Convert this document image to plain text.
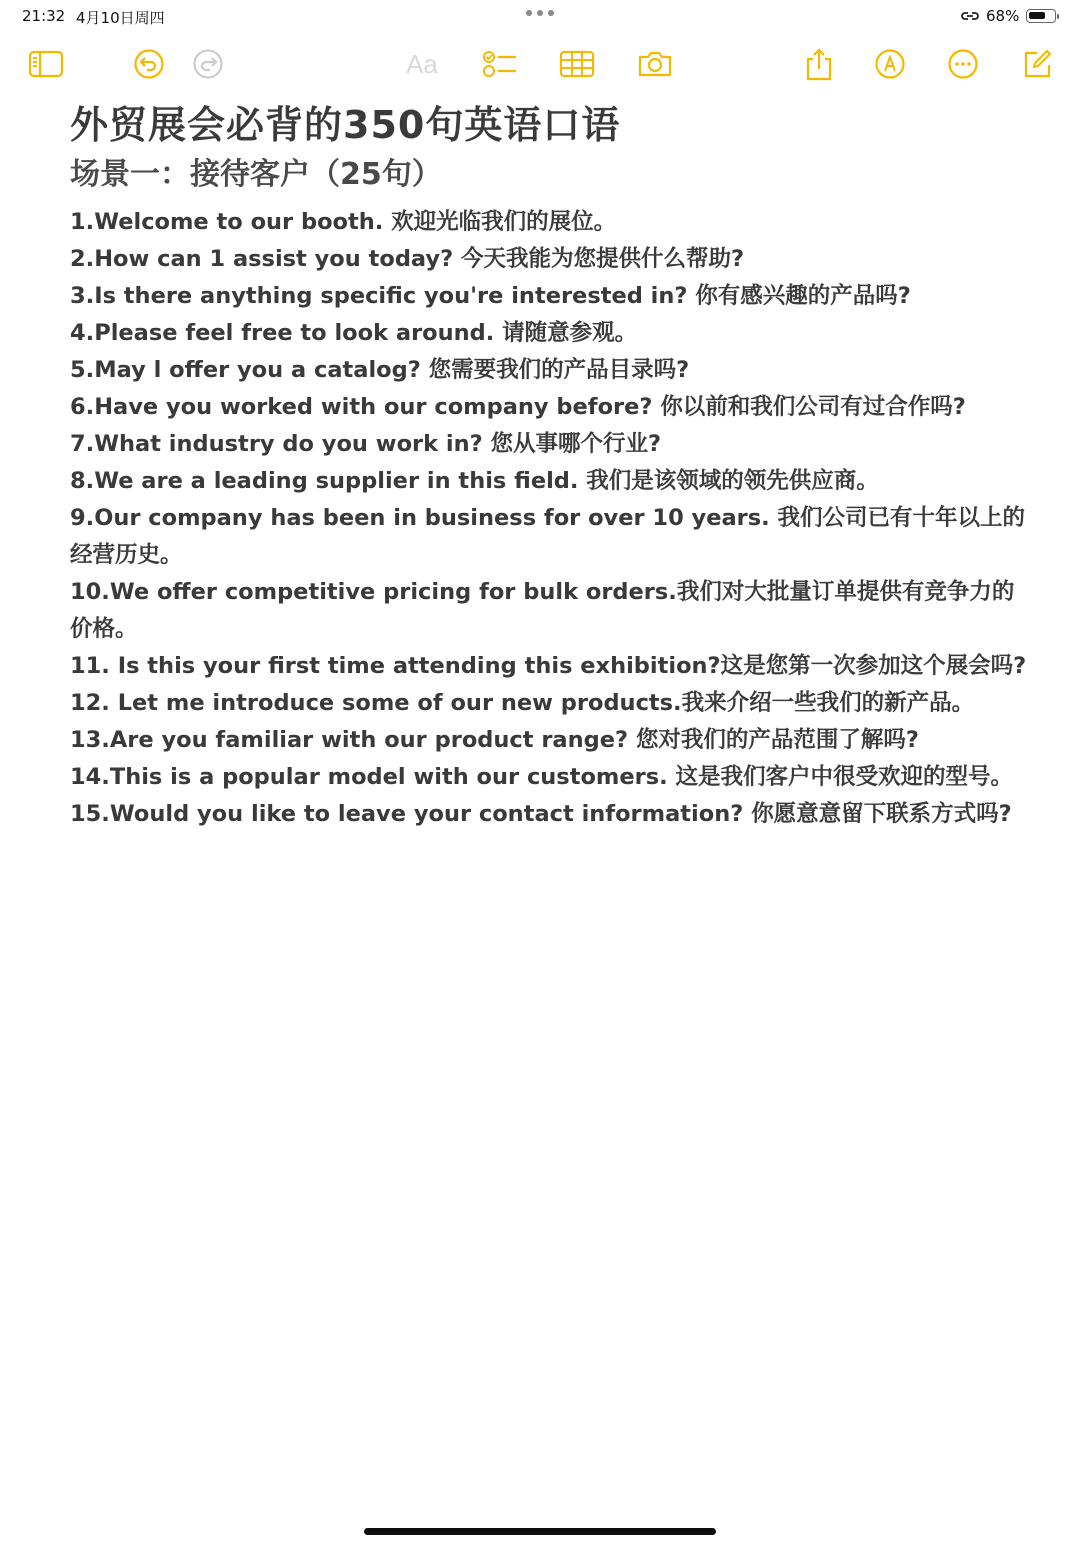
21:32 4月10日周四	68%
Aa
外贸展会必背的350句英语口语
场景一：接待客户（25句）
1.Welcome to our booth. 欢迎光临我们的展位。
2.How can 1 assist you today? 今天我能为您提供什么帮助?
3.Is there anything specific you're interested in? 你有感兴趣的产品吗?
4.Please feel free to look around. 请随意参观。
5.May l offer you a catalog? 您需要我们的产品目录吗?
6.Have you worked with our company before? 你以前和我们公司有过合作吗?
7.What industry do you work in? 您从事哪个行业?
8.We are a leading supplier in this field. 我们是该领域的领先供应商。
9.Our company has been in business for over 10 years. 我们公司已有十年以上的经营历史。
10.We offer competitive pricing for bulk orders.我们对大批量订单提供有竞争力的价格。
11. Is this your first time attending this exhibition?这是您第一次参加这个展会吗?
12. Let me introduce some of our new products.我来介绍一些我们的新产品。
13.Are you familiar with our product range? 您对我们的产品范围了解吗?
14.This is a popular model with our customers. 这是我们客户中很受欢迎的型号。
15.Would you like to leave your contact information? 你愿意意留下联系方式吗?
